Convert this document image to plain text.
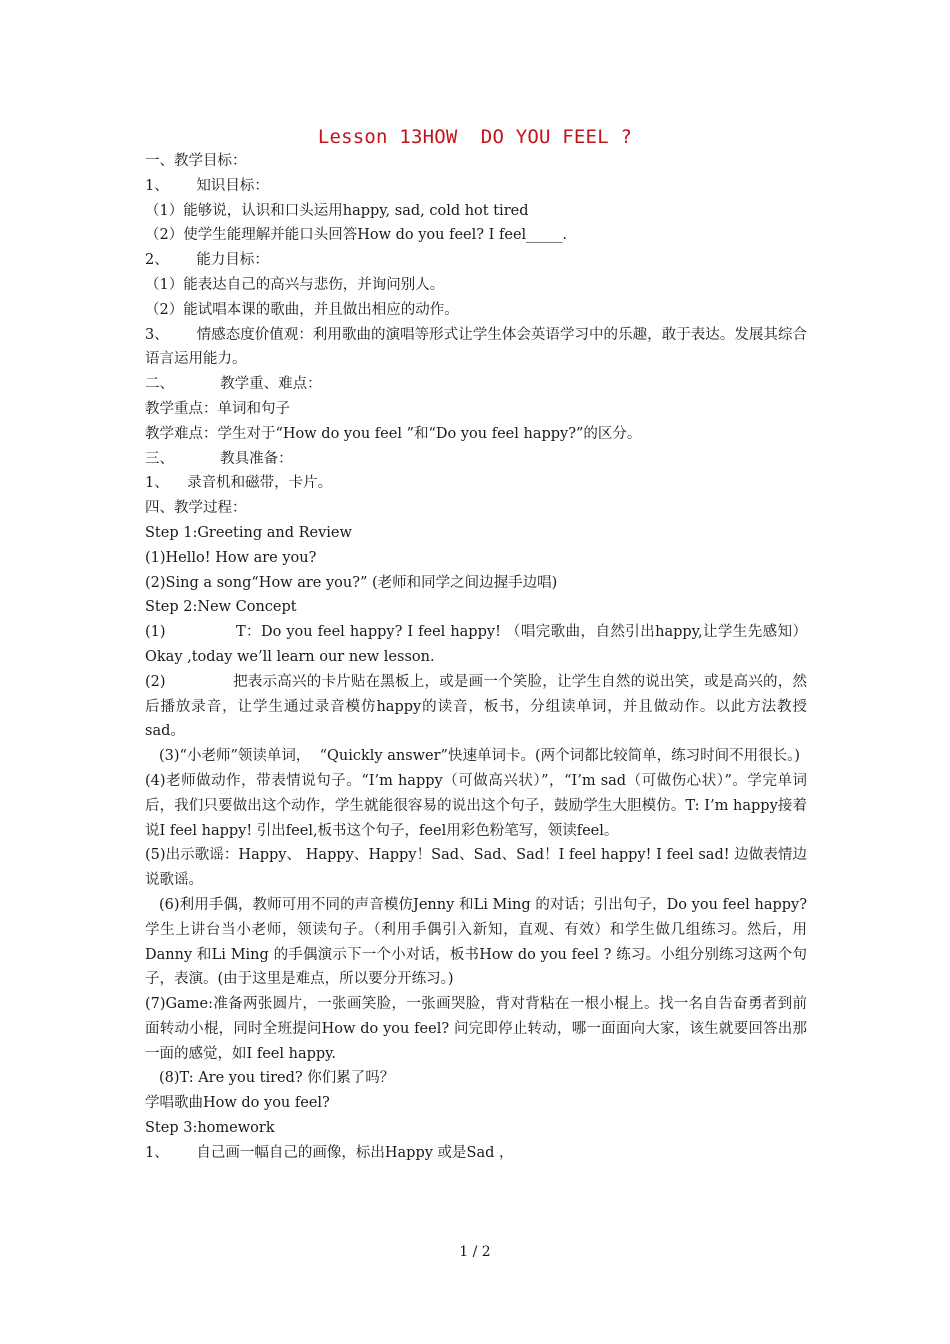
Lesson 13HOW  DO YOU FEEL ?

一、教学目标：

1、      知识目标：

（1）能够说，认识和口头运用happy, sad, cold hot tired

（2）使学生能理解并能口头回答How do you feel? I feel_____.

2、      能力目标：

（1）能表达自己的高兴与悲伤，并询问别人。

（2）能试唱本课的歌曲，并且做出相应的动作。

3、      情感态度价值观：利用歌曲的演唱等形式让学生体会英语学习中的乐趣，敢于表达。发展其综合语言运用能力。

二、          教学重、难点：

教学重点：单词和句子

教学难点：学生对于“How do you feel ”和“Do you feel happy?”的区分。

三、          教具准备：

1、    录音机和磁带，卡片。

四、教学过程：

Step 1:Greeting and Review

(1)Hello! How are you?

(2)Sing a song“How are you?” (老师和同学之间边握手边唱)

Step 2:New Concept

(1)              T：Do you feel happy? I feel happy! （唱完歌曲，自然引出happy,让学生先感知）Okay ,today we’ll learn our new lesson.

(2)              把表示高兴的卡片贴在黑板上，或是画一个笑脸，让学生自然的说出笑，或是高兴的，然后播放录音，让学生通过录音模仿happy的读音，板书，分组读单词，并且做动作。以此方法教授sad。

(3)“小老师”领读单词，  “Quickly answer”快速单词卡。(两个词都比较简单，练习时间不用很长。)

(4)老师做动作，带表情说句子。“I’m happy（可做高兴状）”，“I’m sad（可做伤心状）”。学完单词后，我们只要做出这个动作，学生就能很容易的说出这个句子，鼓励学生大胆模仿。T: I’m happy接着说I feel happy! 引出feel,板书这个句子，feel用彩色粉笔写，领读feel。

(5)出示歌谣：Happy、 Happy、Happy！Sad、Sad、Sad！I feel happy! I feel sad! 边做表情边说歌谣。

(6)利用手偶，教师可用不同的声音模仿Jenny 和Li Ming 的对话；引出句子，Do you feel happy? 学生上讲台当小老师，领读句子。（利用手偶引入新知，直观、有效）和学生做几组练习。然后，用Danny 和Li Ming 的手偶演示下一个小对话，板书How do you feel ? 练习。小组分别练习这两个句子，表演。(由于这里是难点，所以要分开练习。)

(7)Game:准备两张圆片，一张画笑脸，一张画哭脸，背对背粘在一根小棍上。找一名自告奋勇者到前面转动小棍，同时全班提问How do you feel? 问完即停止转动，哪一面面向大家，该生就要回答出那一面的感觉，如I feel happy.

(8)T: Are you tired? 你们累了吗？

学唱歌曲How do you feel?

Step 3:homework

1、      自己画一幅自己的画像，标出Happy 或是Sad ，

1 / 2
